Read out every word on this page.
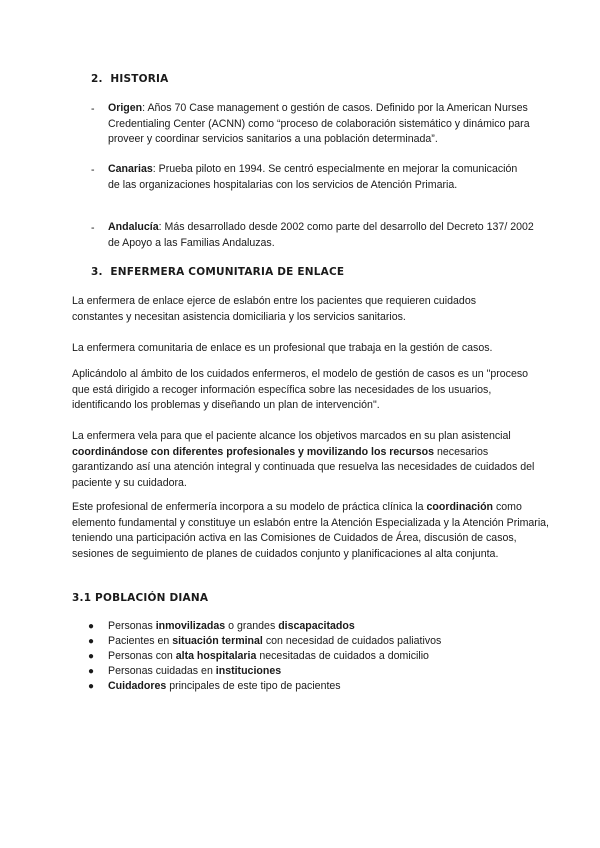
2. HISTORIA
- Origen: Años 70 Case management o gestión de casos. Definido por la American Nurses Credentialing Center (ACNN) como “proceso de colaboración sistemático y dinámico para proveer y coordinar servicios sanitarios a una población determinada”.

- Canarias: Prueba piloto en 1994. Se centró especialmente en mejorar la comunicación de las organizaciones hospitalarias con los servicios de Atención Primaria.

- Andalucía: Más desarrollado desde 2002 como parte del desarrollo del Decreto 137/ 2002 de Apoyo a las Familias Andaluzas.

3. ENFERMERA COMUNITARIA DE ENLACE

La enfermera de enlace ejerce de eslabón entre los pacientes que requieren cuidados constantes y necesitan asistencia domiciliaria y los servicios sanitarios.

La enfermera comunitaria de enlace es un profesional que trabaja en la gestión de casos.

Aplicándolo al ámbito de los cuidados enfermeros, el modelo de gestión de casos es un "proceso que está dirigido a recoger información específica sobre las necesidades de los usuarios, identificando los problemas y diseñando un plan de intervención".

La enfermera vela para que el paciente alcance los objetivos marcados en su plan asistencial coordinándose con diferentes profesionales y movilizando los recursos necesarios garantizando así una atención integral y continuada que resuelva las necesidades de cuidados del paciente y su cuidadora.

Este profesional de enfermería incorpora a su modelo de práctica clínica la coordinación como elemento fundamental y constituye un eslabón entre la Atención Especializada y la Atención Primaria, teniendo una participación activa en las Comisiones de Cuidados de Área, discusión de casos, sesiones de seguimiento de planes de cuidados conjunto y planificaciones al alta conjunta.

3.1 POBLACIÓN DIANA
● Personas inmovilizadas o grandes discapacitados

● Pacientes en situación terminal con necesidad de cuidados paliativos

● Personas con alta hospitalaria necesitadas de cuidados a domicilio

● Personas cuidadas en instituciones

● Cuidadores principales de este tipo de pacientes
